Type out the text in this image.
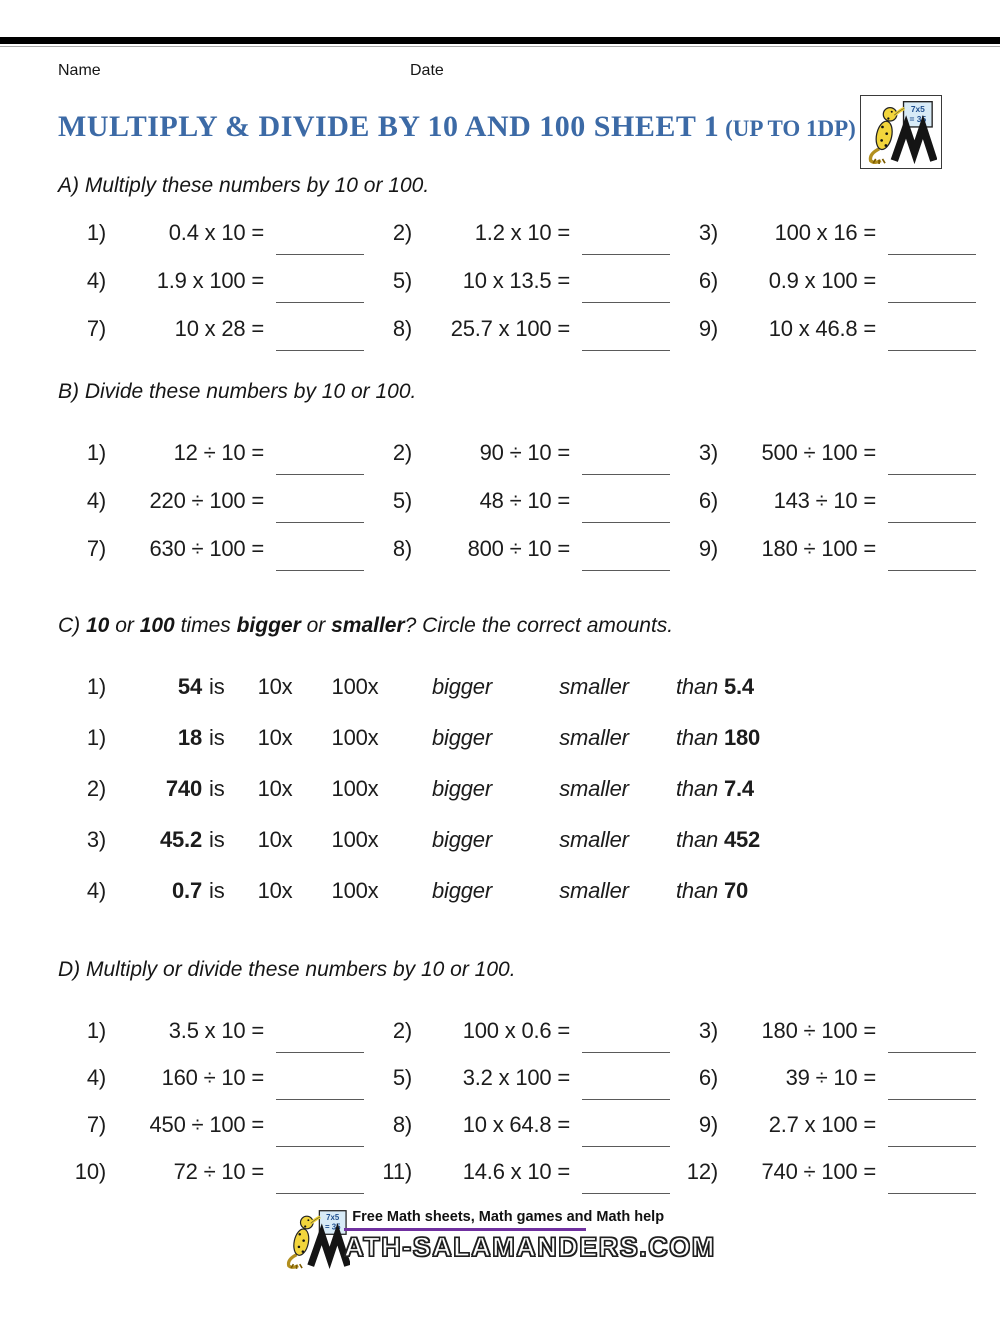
Name	Date
MULTIPLY & DIVIDE BY 10 AND 100 SHEET 1 (UP TO 1DP)
A) Multiply these numbers by 10 or 100.
1)	0.4 x 10 =	2)	1.2 x 10 =	3)	100 x 16 =
4)	1.9 x 100 =	5)	10 x 13.5 =	6)	0.9 x 100 =
7)	10 x 28 =	8)	25.7 x 100 =	9)	10 x 46.8 =
B) Divide these numbers by 10 or 100.
1)	12 ÷ 10 =	2)	90 ÷ 10 =	3)	500 ÷ 100 =
4)	220 ÷ 100 =	5)	48 ÷ 10 =	6)	143 ÷ 10 =
7)	630 ÷ 100 =	8)	800 ÷ 10 =	9)	180 ÷ 100 =
C) 10 or 100 times bigger or smaller? Circle the correct amounts.
1)	54 is	10x	100x	bigger	smaller	than 5.4
1)	18 is	10x	100x	bigger	smaller	than 180
2)	740 is	10x	100x	bigger	smaller	than 7.4
3)	45.2 is	10x	100x	bigger	smaller	than 452
4)	0.7 is	10x	100x	bigger	smaller	than 70
D) Multiply or divide these numbers by 10 or 100.
1)	3.5 x 10 =	2)	100 x 0.6 =	3)	180 ÷ 100 =
4)	160 ÷ 10 =	5)	3.2 x 100 =	6)	39 ÷ 10 =
7)	450 ÷ 100 =	8)	10 x 64.8 =	9)	2.7 x 100 =
10)	72 ÷ 10 =	11)	14.6 x 10 =	12)	740 ÷ 100 =
Free Math sheets, Math games and Math help
ATH-SALAMANDERS.COM
